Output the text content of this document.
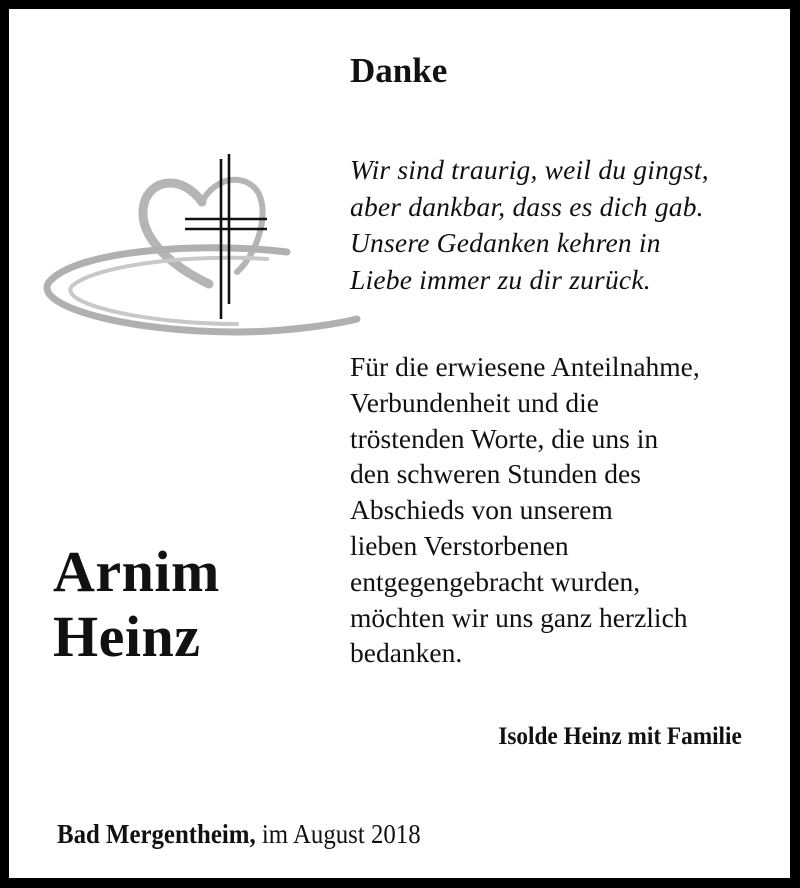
Danke
Wir sind traurig, weil du gingst,
aber dankbar, dass es dich gab.
Unsere Gedanken kehren in
Liebe immer zu dir zurück.
Für die erwiesene Anteilnahme,
Verbundenheit und die
tröstenden Worte, die uns in
den schweren Stunden des
Abschieds von unserem
lieben Verstorbenen
entgegengebracht wurden,
möchten wir uns ganz herzlich
bedanken.
Arnim
Heinz
Isolde Heinz mit Familie
Bad Mergentheim, im August 2018
